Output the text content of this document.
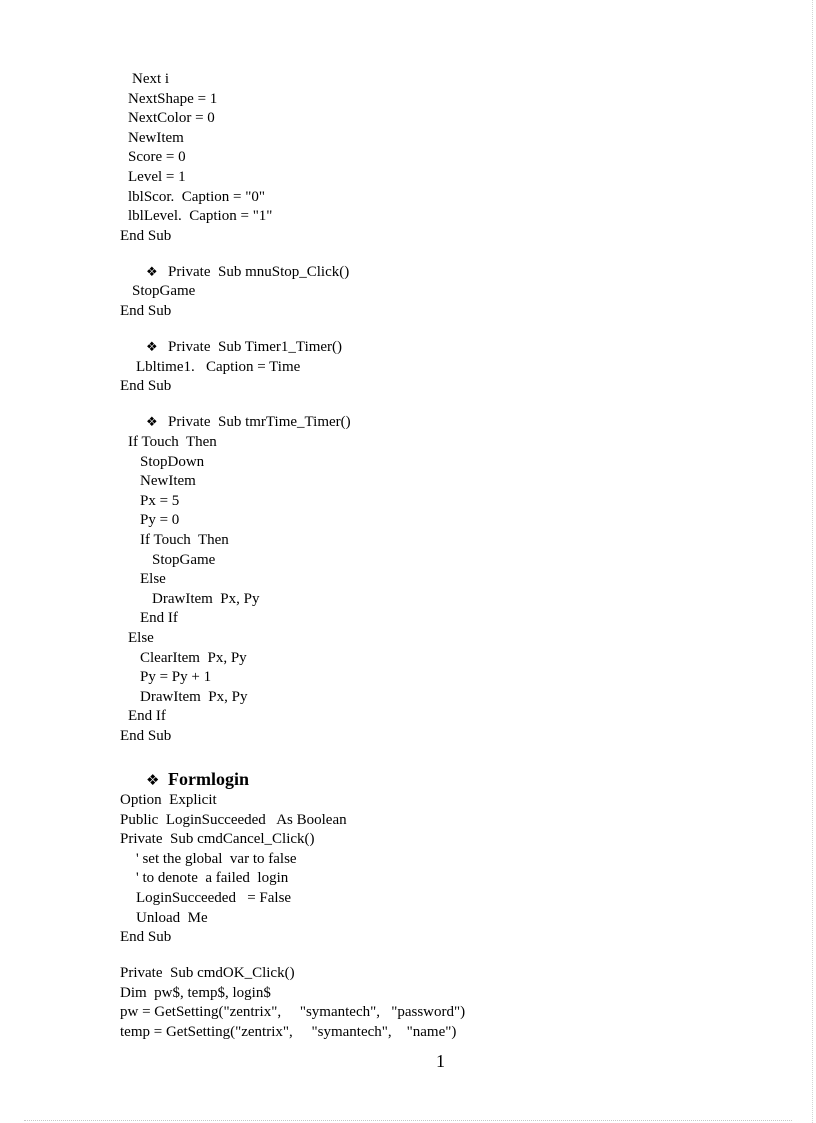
Next i
NextShape = 1
NextColor = 0
NewItem
Score = 0
Level = 1
lblScor.  Caption = "0"
lblLevel.  Caption = "1"
End Sub
❖ Private  Sub mnuStop_Click()
StopGame
End Sub
❖ Private  Sub Timer1_Timer()
Lbltime1.   Caption = Time
End Sub
❖ Private  Sub tmrTime_Timer()
If Touch  Then
StopDown
NewItem
Px = 5
Py = 0
If Touch  Then
StopGame
Else
DrawItem  Px, Py
End If
Else
ClearItem  Px, Py
Py = Py + 1
DrawItem  Px, Py
End If
End Sub
❖ Formlogin
Option  Explicit
Public  LoginSucceeded   As Boolean
Private  Sub cmdCancel_Click()
' set the global  var to false
' to denote  a failed  login
LoginSucceeded   = False
Unload  Me
End Sub
Private  Sub cmdOK_Click()
Dim  pw$, temp$, login$
pw = GetSetting("zentrix",     "symantech",   "password")
temp = GetSetting("zentrix",     "symantech",    "name")
1
